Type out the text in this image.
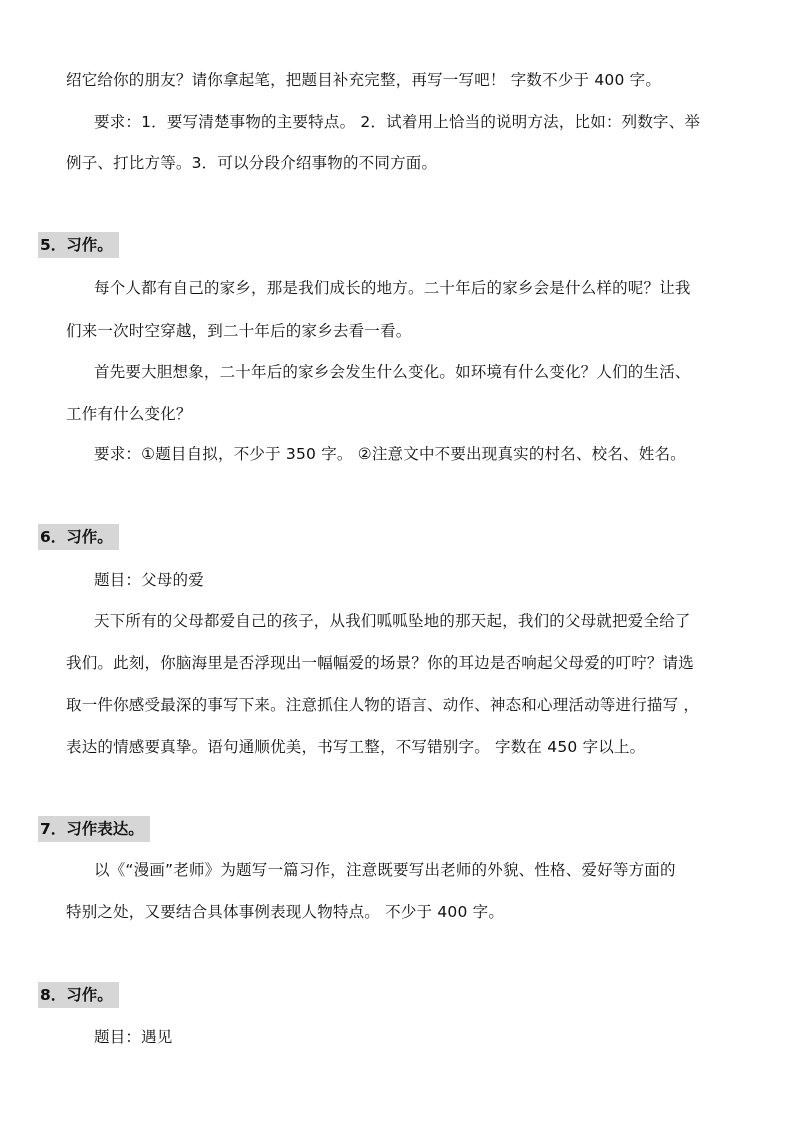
绍它给你的朋友？请你拿起笔，把题目补充完整，再写一写吧！ 字数不少于 400 字。
要求：1．要写清楚事物的主要特点。 2．试着用上恰当的说明方法，比如：列数字、举
例子、打比方等。3．可以分段介绍事物的不同方面。
5．习作。
每个人都有自己的家乡，那是我们成长的地方。二十年后的家乡会是什么样的呢？让我
们来一次时空穿越，到二十年后的家乡去看一看。
首先要大胆想象，二十年后的家乡会发生什么变化。如环境有什么变化？人们的生活、
工作有什么变化？
要求：①题目自拟，不少于 350 字。 ②注意文中不要出现真实的村名、校名、姓名。
6．习作。
题目：父母的爱
天下所有的父母都爱自己的孩子，从我们呱呱坠地的那天起，我们的父母就把爱全给了
我们。此刻，你脑海里是否浮现出一幅幅爱的场景？你的耳边是否响起父母爱的叮咛？请选
取一件你感受最深的事写下来。注意抓住人物的语言、动作、神态和心理活动等进行描写 ，
表达的情感要真挚。语句通顺优美，书写工整，不写错别字。 字数在 450 字以上。
7．习作表达。
以《“漫画”老师》为题写一篇习作，注意既要写出老师的外貌、性格、爱好等方面的
特别之处，又要结合具体事例表现人物特点。 不少于 400 字。
8．习作。
题目：遇见
